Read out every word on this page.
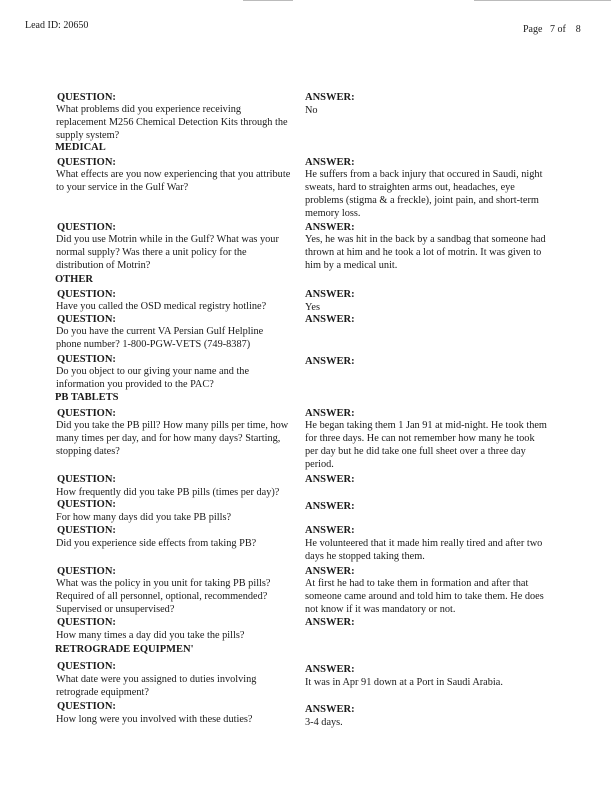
Lead ID: 20650	Page   7 of    8
QUESTION:
What problems did you experience receiving
replacement M256 Chemical Detection Kits through the
supply system?
ANSWER:
No
MEDICAL
QUESTION:
What effects are you now experiencing that you attribute
to your service in the Gulf War?
ANSWER:
He suffers from a back injury that occured in Saudi, night
sweats, hard to straighten arms out, headaches, eye
problems (stigma & a freckle), joint pain, and short-term
memory loss.
QUESTION:
Did you use Motrin while in the Gulf? What was your
normal supply? Was there a unit policy for the
distribution of Motrin?
ANSWER:
Yes, he was hit in the back by a sandbag that someone had
thrown at him and he took a lot of motrin. It was given to
him by a medical unit.
OTHER
QUESTION:
Have you called the OSD medical registry hotline?
ANSWER:
Yes
QUESTION:
Do you have the current VA Persian Gulf Helpline
phone number? 1-800-PGW-VETS (749-8387)
ANSWER:
QUESTION:
Do you object to our giving your name and the
information you provided to the PAC?
ANSWER:
PB TABLETS
QUESTION:
Did you take the PB pill? How many pills per time, how
many times per day, and for how many days? Starting,
stopping dates?
ANSWER:
He began taking them 1 Jan 91 at mid-night. He took them
for three days. He can not remember how many he took
per day but he did take one full sheet over a three day
period.
QUESTION:
How frequently did you take PB pills (times per day)?
ANSWER:
QUESTION:
For how many days did you take PB pills?
ANSWER:
QUESTION:
Did you experience side effects from taking PB?
ANSWER:
He volunteered that it made him really tired and after two
days he stopped taking them.
QUESTION:
What was the policy in you unit for taking PB pills?
Required of all personnel, optional, recommended?
Supervised or unsupervised?
ANSWER:
At first he had to take them in formation and after that
someone came around and told him to take them. He does
not know if it was mandatory or not.
QUESTION:
How many times a day did you take the pills?
ANSWER:
RETROGRADE EQUIPMEN'
QUESTION:
What date were you assigned to duties involving
retrograde equipment?
ANSWER:
It was in Apr 91 down at a Port in Saudi Arabia.
QUESTION:
How long were you involved with these duties?
ANSWER:
3-4 days.
